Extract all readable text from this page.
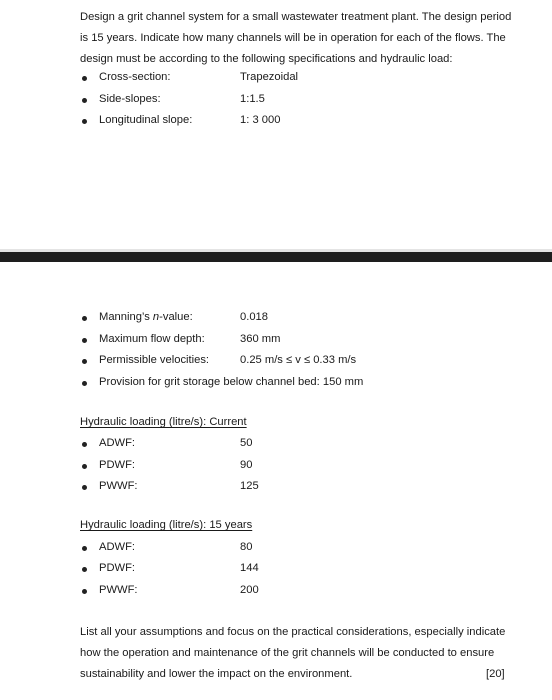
Design a grit channel system for a small wastewater treatment plant. The design period
is 15 years. Indicate how many channels will be in operation for each of the flows. The
design must be according to the following specifications and hydraulic load:
Cross-section:	Trapezoidal
Side-slopes:	1:1.5
Longitudinal slope:	1: 3 000
Manning’s n-value:	0.018
Maximum flow depth:	360 mm
Permissible velocities:	0.25 m/s ≤ v ≤ 0.33 m/s
Provision for grit storage below channel bed: 150 mm
Hydraulic loading (litre/s): Current
ADWF:	50
PDWF:	90
PWWF:	125
Hydraulic loading (litre/s): 15 years
ADWF:	80
PDWF:	144
PWWF:	200
List all your assumptions and focus on the practical considerations, especially indicate
how the operation and maintenance of the grit channels will be conducted to ensure
sustainability and lower the impact on the environment.	[20]
